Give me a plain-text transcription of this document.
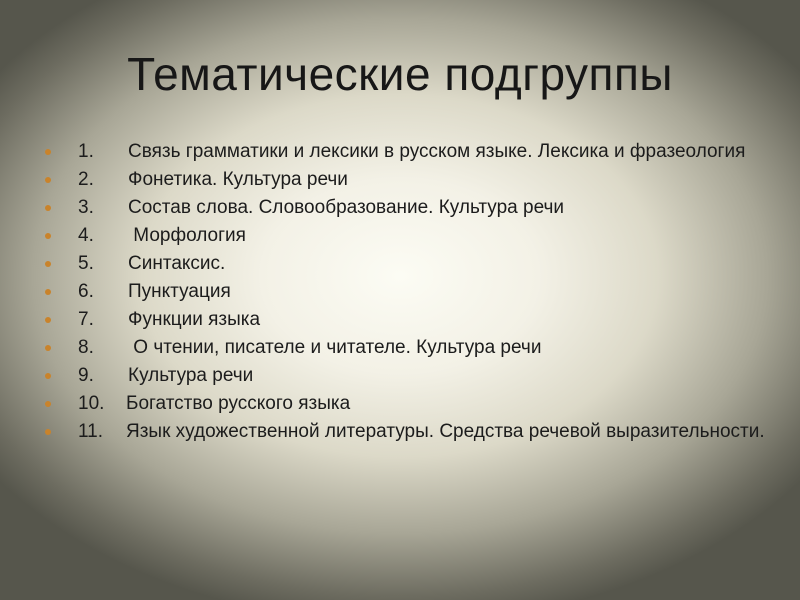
Тематические подгруппы
1. Связь грамматики и лексики в русском языке. Лексика и фразеология
2. Фонетика. Культура речи
3. Состав слова. Словообразование. Культура речи
4. Морфология
5. Синтаксис.
6. Пунктуация
7. Функции языка
8. О чтении, писателе и читателе. Культура речи
9. Культура речи
10. Богатство русского языка
11. Язык художественной литературы. Средства речевой выразительности.
